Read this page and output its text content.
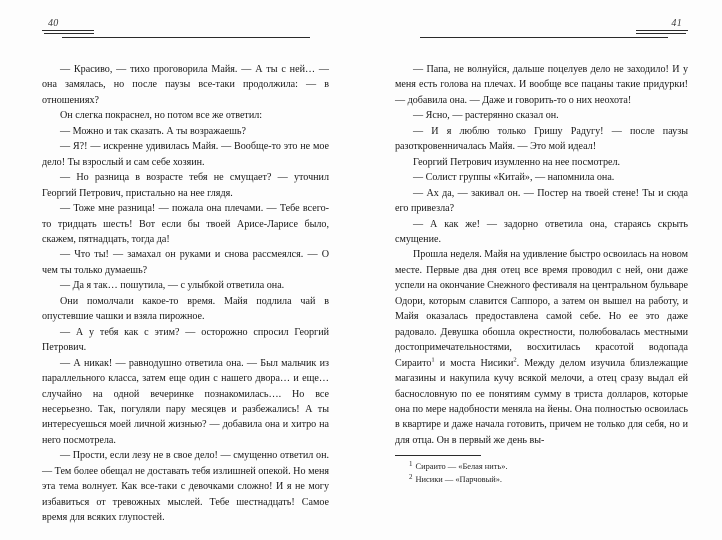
40

— Красиво, — тихо проговорила Майя. — А ты с ней… — она замялась, но после паузы все-таки продолжила: — в отношениях?

Он слегка покраснел, но потом все же ответил:

— Можно и так сказать. А ты возражаешь?

— Я?! — искренне удивилась Майя. — Вообще-то это не мое дело! Ты взрослый и сам себе хозяин.

— Но разница в возрасте тебя не смущает? — уточнил Георгий Петрович, пристально на нее глядя.

— Тоже мне разница! — пожала она плечами. — Тебе всего-то тридцать шесть! Вот если бы твоей Арисе-Ларисе было, скажем, пятнадцать, тогда да!

— Что ты! — замахал он руками и снова рассмеялся. — О чем ты только думаешь?

— Да я так… пошутила, — с улыбкой ответила она.

Они помолчали какое-то время. Майя подлила чай в опустевшие чашки и взяла пирожное.

— А у тебя как с этим? — осторожно спросил Георгий Петрович.

— А никак! — равнодушно ответила она. — Был мальчик из параллельного класса, затем еще один с нашего двора… и еще… случайно на одной вечеринке познакомилась…. Но все несерьезно. Так, погуляли пару месяцев и разбежались! А ты интересуешься моей личной жизнью? — добавила она и хитро на него посмотрела.

— Прости, если лезу не в свое дело! — смущенно ответил он. — Тем более обещал не доставать тебя излишней опекой. Но меня эта тема волнует. Как все-таки с девочками сложно! И я не могу избавиться от тревожных мыслей. Тебе шестнадцать! Самое время для всяких глупостей.

41

— Папа, не волнуйся, дальше поцелуев дело не заходило! И у меня есть голова на плечах. И вообще все пацаны такие придурки! — добавила она. — Даже и говорить-то о них неохота!

— Ясно, — растерянно сказал он.

— И я люблю только Гришу Радугу! — после паузы разоткровенничалась Майя. — Это мой идеал!

Георгий Петрович изумленно на нее посмотрел.

— Солист группы «Китай», — напомнила она.

— Ах да, — закивал он. — Постер на твоей стене! Ты и сюда его привезла?

— А как же! — задорно ответила она, стараясь скрыть смущение.

Прошла неделя. Майя на удивление быстро освоилась на новом месте. Первые два дня отец все время проводил с ней, они даже успели на окончание Снежного фестиваля на центральном бульваре Одори, которым славится Саппоро, а затем он вышел на работу, и Майя оказалась предоставлена самой себе. Но ее это даже радовало. Девушка обошла окрестности, полюбовалась местными достопримечательностями, восхитилась красотой водопада Сираито$^1$ и моста Нисики$^2$. Между делом изучила близлежащие магазины и накупила кучу всякой мелочи, а отец сразу выдал ей баснословную по ее понятиям сумму в триста долларов, которые она по мере надобности меняла на йены. Она полностью освоилась в квартире и даже начала готовить, причем не только для себя, но и для отца. Он в первый же день вы-

$^1$ Сираито — «Белая нить».

$^2$ Нисики — «Парчовый».
